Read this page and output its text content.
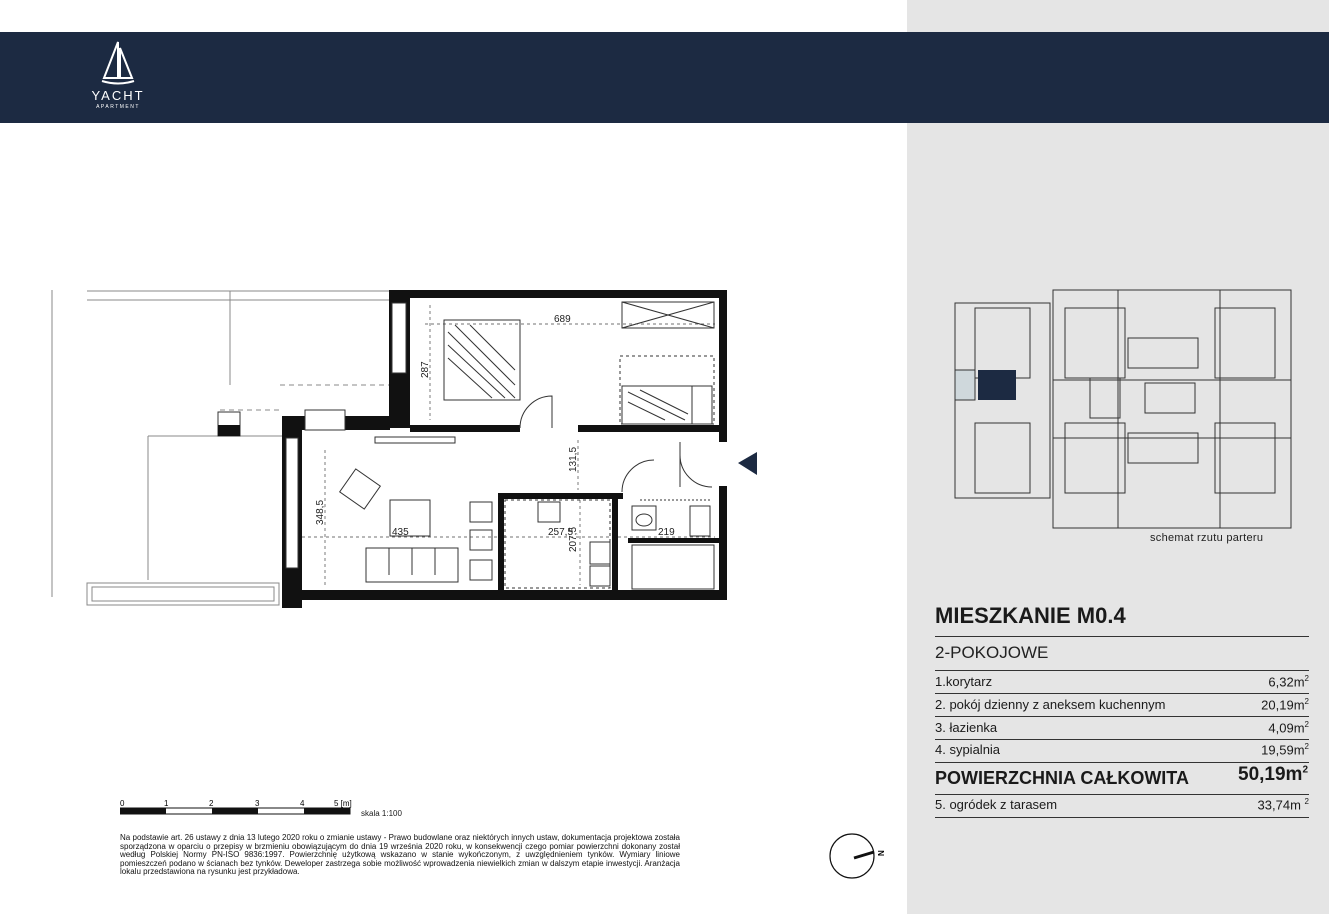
YACHT
APARTMENT
689
287
131,5
348,5
435	257,5
207,5	219	schemat rzutu parteru
MIESZKANIE M0.4
2-POKOJOWE
1.korytarz	$6,32m^2$
2. pokój dzienny z aneksem kuchennym	$20,19m^2$
3. łazienka	$4,09m^2$
4. sypialnia	$19,59m^2$
POWIERZCHNIA CAŁKOWITA	$50,19m^2$
5. ogródek z tarasem	33,74m $^2$
0	1	2	3	4	5 [m]
skala 1:100
Na podstawie art. 26 ustawy z dnia 13 lutego 2020 roku o zmianie ustawy - Prawo budowlane oraz niektórych innych ustaw, dokumentacja projektowa została sporządzona w oparciu o przepisy w brzmieniu obowiązującym do dnia 19 września 2020 roku, w konsekwencji czego pomiar powierzchni dokonany został według Polskiej Normy PN-ISO 9836:1997. Powierzchnię użytkową wskazano w stanie wykończonym, z uwzględnieniem tynków. Wymiary liniowe pomieszczeń podano w ścianach bez tynków. Deweloper zastrzega sobie możliwość wprowadzenia niewielkich zmian w dalszym etapie inwestycji. Aranżacja lokalu przedstawiona na rysunku jest przykładowa.
N
